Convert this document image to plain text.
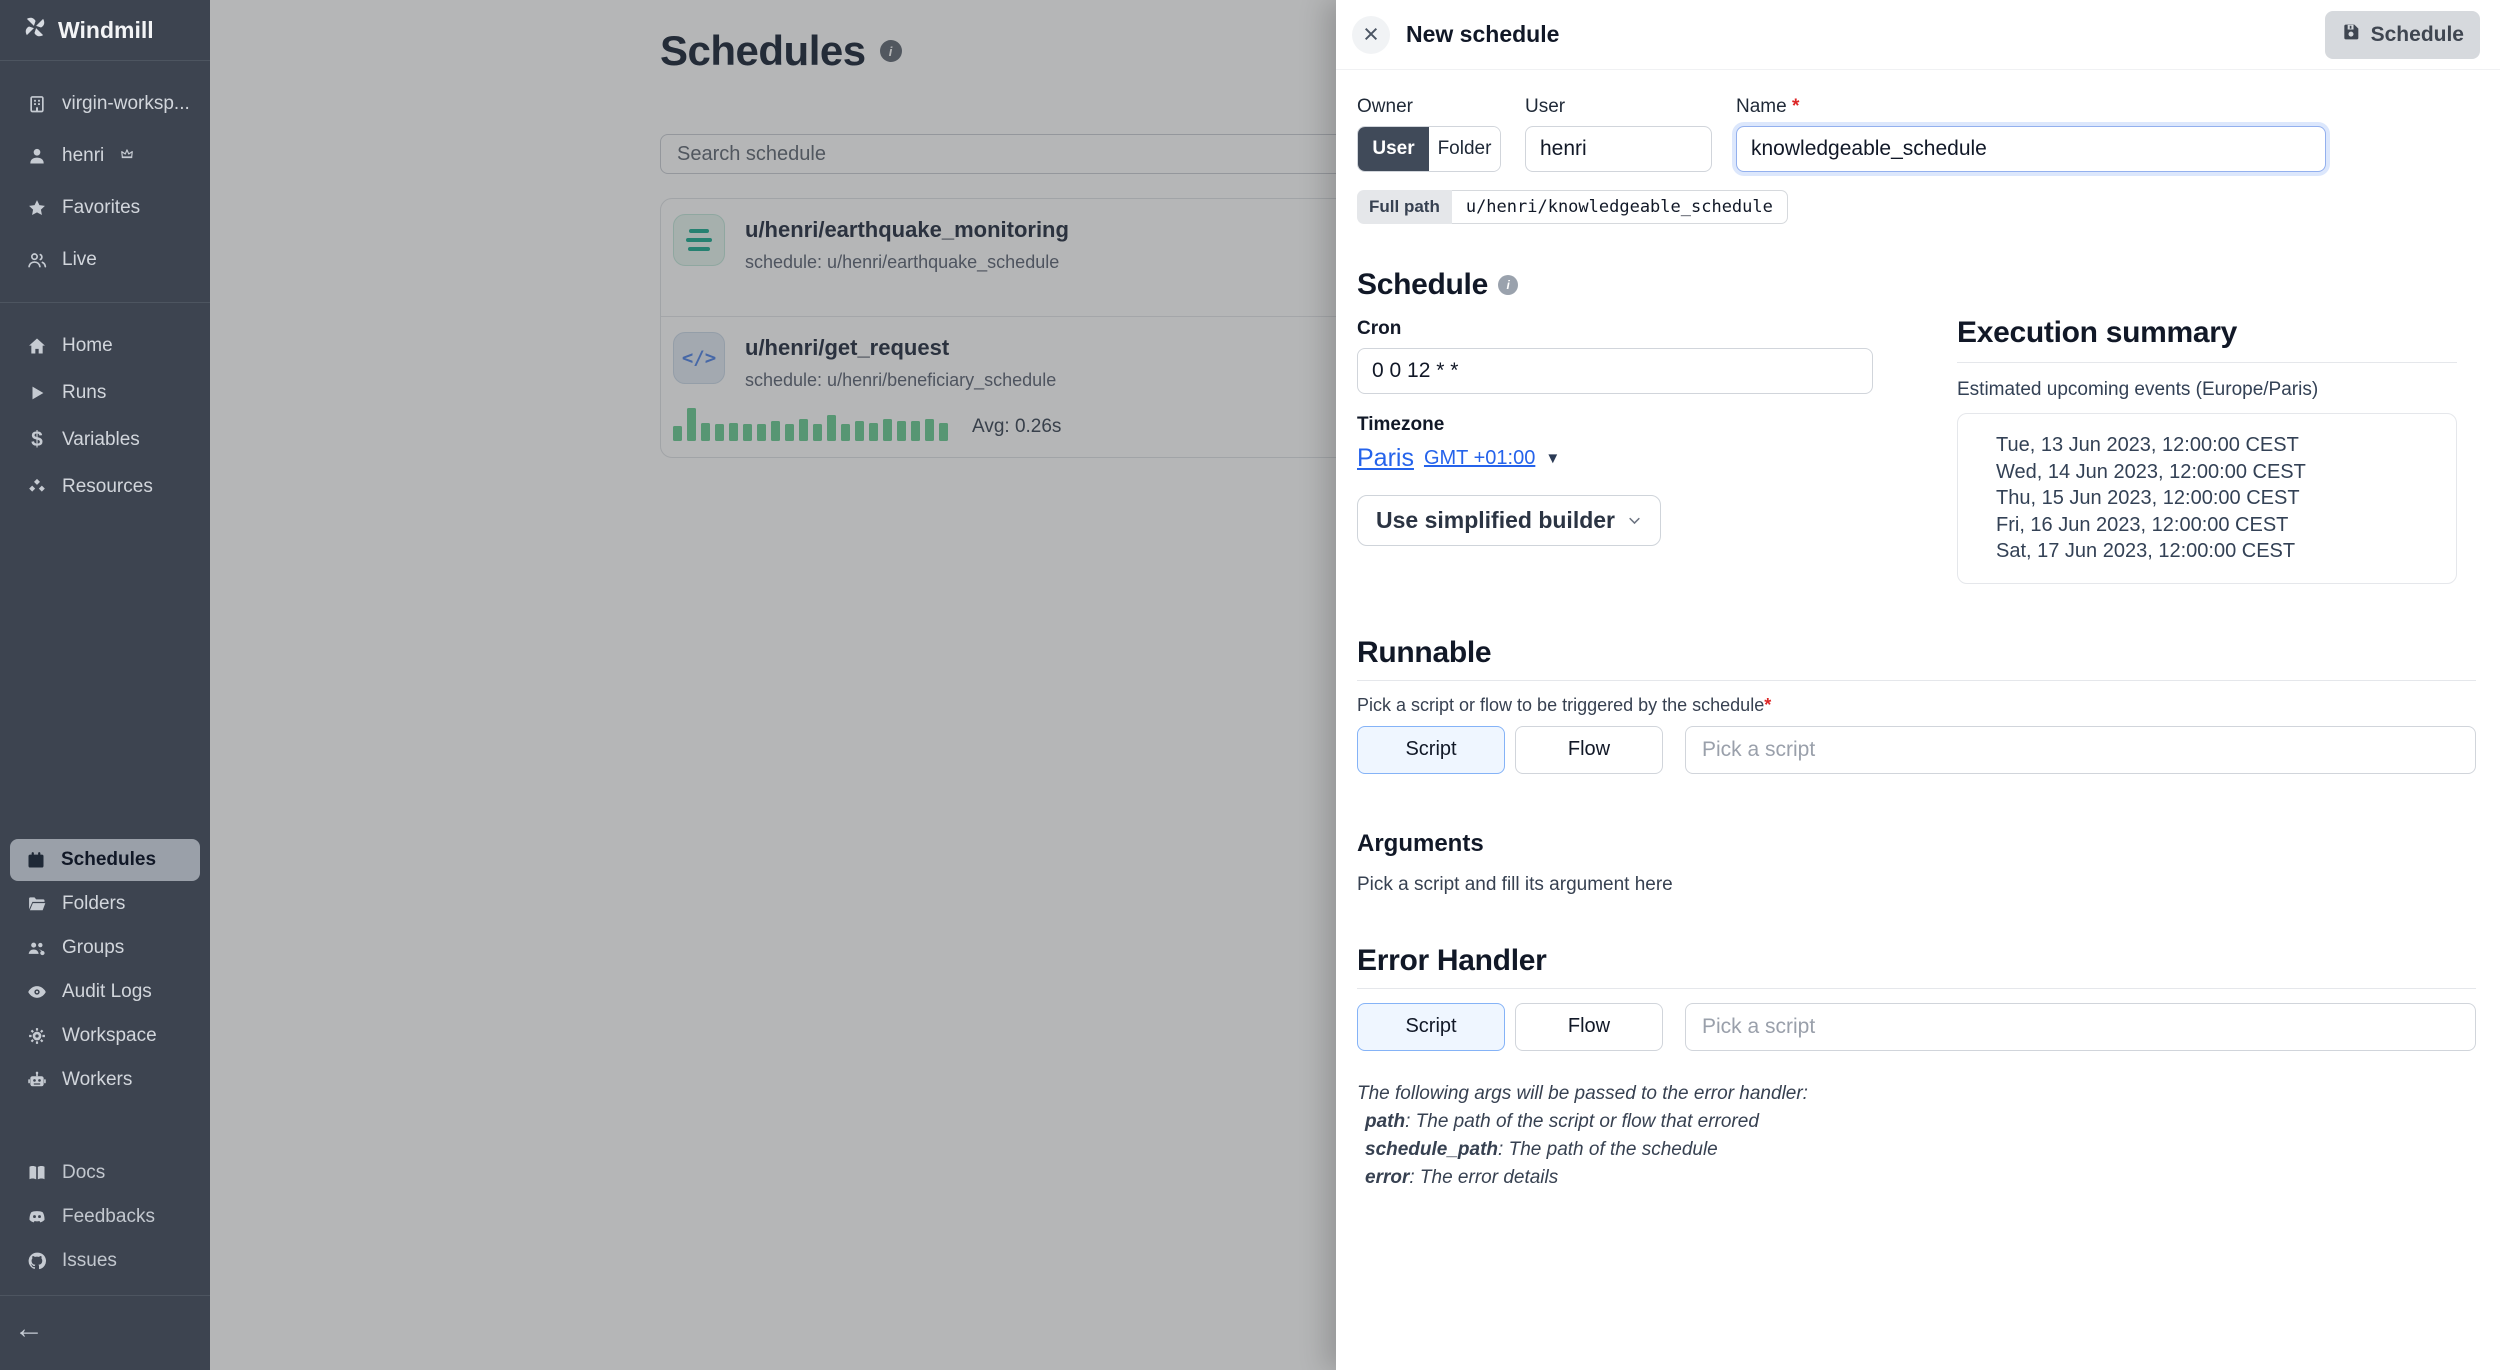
Windmill
virgin-worksp...
henri
Favorites
Live
Home
Runs
$ Variables
Resources
Schedules
Folders
Groups
Audit Logs
Workspace
Workers
Docs
Feedbacks
Issues
←
Schedules	i
Search schedule
u/henri/earthquake_monitoring
schedule: u/henri/earthquake_schedule
</>	u/henri/get_request
schedule: u/henri/beneficiary_schedule
Avg: 0.26s
×	New schedule	Schedule
Owner
User	Folder
User
henri	Name *
knowledgeable_schedule
Full path	u/henri/knowledgeable_schedule
Schedule	i
Cron
0 0 12 * *
Timezone
Paris GMT +01:00 ▼

Use simplified builder
Execution summary
Estimated upcoming events (Europe/Paris)
Tue, 13 Jun 2023, 12:00:00 CEST
Wed, 14 Jun 2023, 12:00:00 CEST
Thu, 15 Jun 2023, 12:00:00 CEST
Fri, 16 Jun 2023, 12:00:00 CEST
Sat, 17 Jun 2023, 12:00:00 CEST
Runnable
Pick a script or flow to be triggered by the schedule*
Script	Flow
Pick a script
Arguments
Pick a script and fill its argument here
Error Handler
Script	Flow
Pick a script
The following args will be passed to the error handler:
path: The path of the script or flow that errored
schedule_path: The path of the schedule
error: The error details
